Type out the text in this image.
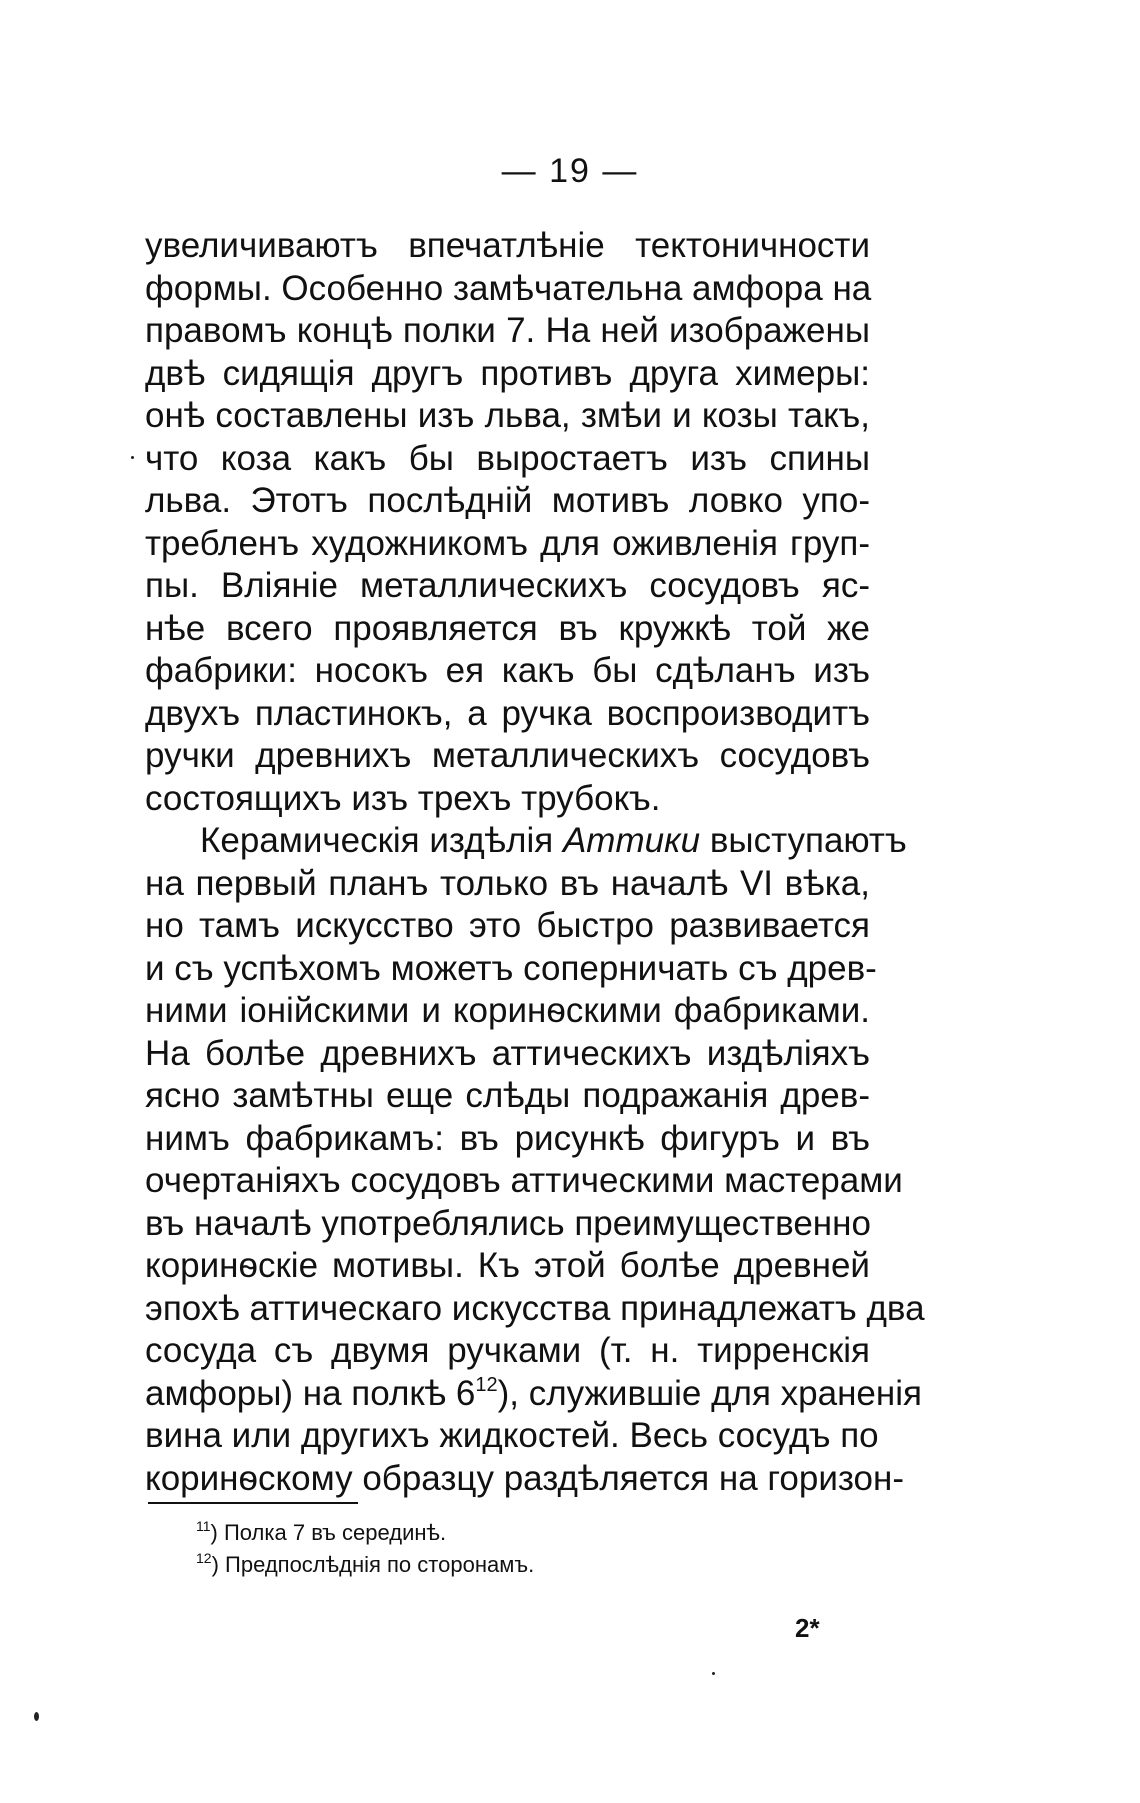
— 19 —
увеличиваютъ впечатлѣніе тектоничности
формы. Особенно замѣчательна амфора на
правомъ концѣ полки 7. На ней изображены
двѣ сидящія другъ противъ друга химеры:
онѣ составлены изъ льва, змѣи и козы такъ,
что коза какъ бы выростаетъ изъ спины
льва. Этотъ послѣдній мотивъ ловко упо-
требленъ художникомъ для оживленія груп-
пы. Вліяніе металлическихъ сосудовъ яс-
нѣе всего проявляется въ кружкѣ той же
фабрики: носокъ ея какъ бы сдѣланъ изъ
двухъ пластинокъ, а ручка воспроизводитъ
ручки древнихъ металлическихъ сосудовъ
состоящихъ изъ трехъ трубокъ.
Керамическія издѣлія Аттики выступаютъ
на первый планъ только въ началѣ VI вѣка,
но тамъ искусство это быстро развивается
и съ успѣхомъ можетъ соперничать съ древ-
ними іонійскими и коринѳскими фабриками.
На болѣе древнихъ аттическихъ издѣліяхъ
ясно замѣтны еще слѣды подражанія древ-
нимъ фабрикамъ: въ рисункѣ фигуръ и въ
очертаніяхъ сосудовъ аттическими мастерами
въ началѣ употреблялись преимущественно
коринѳскіе мотивы. Къ этой болѣе древней
эпохѣ аттическаго искусства принадлежатъ два
сосуда съ двумя ручками (т. н. тирренскія
амфоры) на полкѣ $6^{12}$), служившіе для храненія
вина или другихъ жидкостей. Весь сосудъ по
коринѳскому образцу раздѣляется на горизон-
$^{11}$) Полка 7 въ серединѣ.
$^{12}$) Предпослѣднія по сторонамъ.
2*
